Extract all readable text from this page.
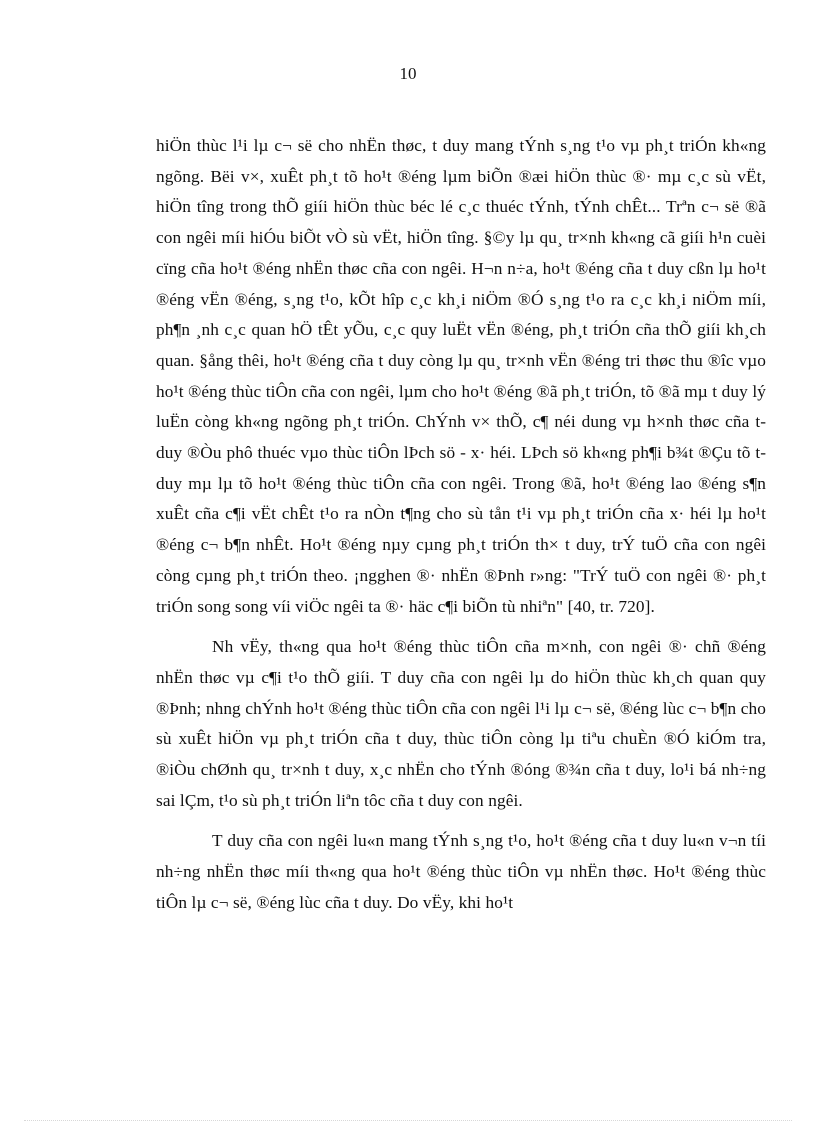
10

hiÖn thùc l¹i lµ c¬ së cho nhËn thøc, t duy mang tÝnh s¸ng t¹o vµ ph¸t triÓn kh«ng ngõng. Bëi v×, xuÊt ph¸t tõ ho¹t ®éng lµm biÕn ®æi hiÖn thùc ®· mµ c¸c sù vËt, hiÖn tîng trong thÕ giíi hiÖn thùc béc lé c¸c thuéc tÝnh, tÝnh chÊt... Trªn c¬ së ®ã con ngêi míi hiÓu biÕt vÒ sù vËt, hiÖn tîng. §©y lµ qu¸ tr×nh kh«ng cã giíi h¹n cuèi cïng cña ho¹t ®éng nhËn thøc cña con ngêi. H¬n n÷a, ho¹t ®éng cña t duy cßn lµ ho¹t ®éng vËn ®éng, s¸ng t¹o, kÕt hîp c¸c kh¸i niÖm ®Ó s¸ng t¹o ra c¸c kh¸i niÖm míi, ph¶n ¸nh c¸c quan hÖ tÊt yÕu, c¸c quy luËt vËn ®éng, ph¸t triÓn cña thÕ giíi kh¸ch quan. §ång thêi, ho¹t ®éng cña t duy còng lµ qu¸ tr×nh vËn ®éng tri thøc thu ®îc vµo ho¹t ®éng thùc tiÔn cña con ngêi, lµm cho ho¹t ®éng ®ã ph¸t triÓn, tõ ®ã mµ t duy lý luËn còng kh«ng ngõng ph¸t triÓn. ChÝnh v× thÕ, c¶ néi dung vµ h×nh thøc cña t duy ®Òu phô thuéc vµo thùc tiÔn lÞch sö - x· héi. LÞch sö kh«ng ph¶i b¾t ®Çu tõ t duy mµ lµ tõ ho¹t ®éng thùc tiÔn cña con ngêi. Trong ®ã, ho¹t ®éng lao ®éng s¶n xuÊt cña c¶i vËt chÊt t¹o ra nÒn t¶ng cho sù tån t¹i vµ ph¸t triÓn cña x· héi lµ ho¹t ®éng c¬ b¶n nhÊt. Ho¹t ®éng nµy cµng ph¸t triÓn th× t duy, trÝ tuÖ cña con ngêi còng cµng ph¸t triÓn theo. ¡ngghen ®· nhËn ®Þnh r»ng: "TrÝ tuÖ con ngêi ®· ph¸t triÓn song song víi viÖc ngêi ta ®· häc c¶i biÕn tù nhiªn" [40, tr. 720].

Nh vËy, th«ng qua ho¹t ®éng thùc tiÔn cña m×nh, con ngêi ®· chñ ®éng nhËn thøc vµ c¶i t¹o thÕ giíi. T duy cña con ngêi lµ do hiÖn thùc kh¸ch quan quy ®Þnh; nhng chÝnh ho¹t ®éng thùc tiÔn cña con ngêi l¹i lµ c¬ së, ®éng lùc c¬ b¶n cho sù xuÊt hiÖn vµ ph¸t triÓn cña t duy, thùc tiÔn còng lµ tiªu chuÈn ®Ó kiÓm tra, ®iÒu chØnh qu¸ tr×nh t duy, x¸c nhËn cho tÝnh ®óng ®¾n cña t duy, lo¹i bá nh÷ng sai lÇm, t¹o sù ph¸t triÓn liªn tôc cña t duy con ngêi.

T duy cña con ngêi lu«n mang tÝnh s¸ng t¹o, ho¹t ®éng cña t duy lu«n v¬n tíi nh÷ng nhËn thøc míi th«ng qua ho¹t ®éng thùc tiÔn vµ nhËn thøc. Ho¹t ®éng thùc tiÔn lµ c¬ së, ®éng lùc cña t duy. Do vËy, khi ho¹t
